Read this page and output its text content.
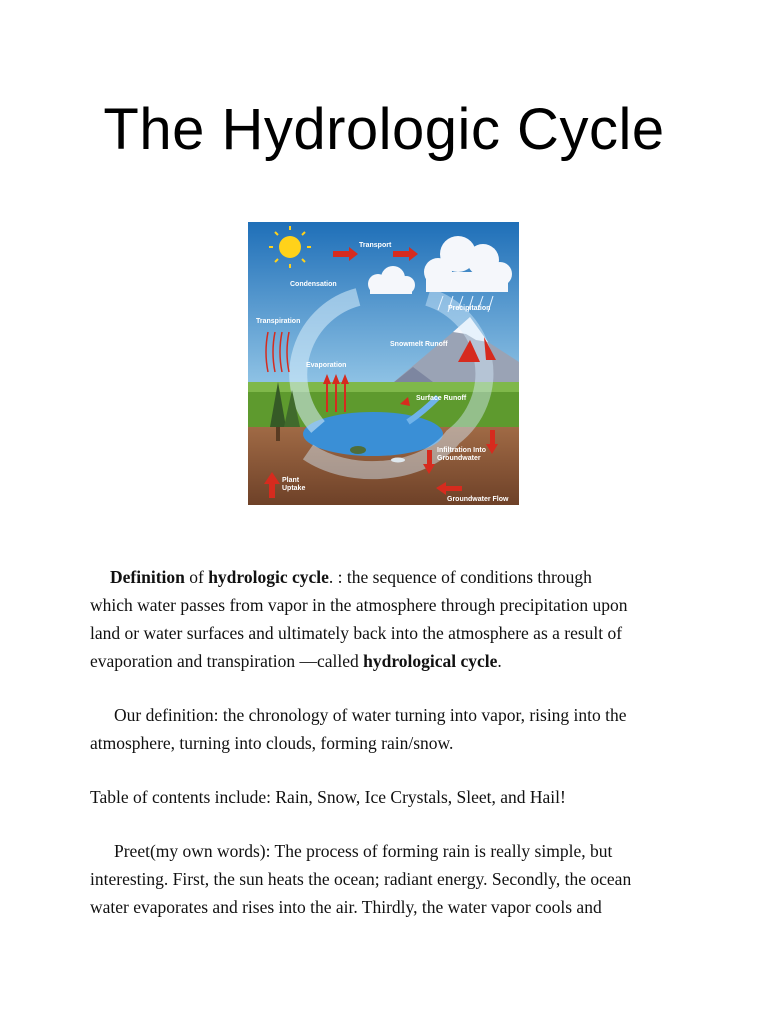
The Hydrologic Cycle
Transport
Condensation
Precipitation
Transpiration
Snowmelt Runoff
Evaporation
Surface Runoff
Infiltration Into
Groundwater
Plant
Uptake
Groundwater Flow

Definition of hydrologic cycle. : the sequence of conditions through
which water passes from vapor in the atmosphere through precipitation upon
land or water surfaces and ultimately back into the atmosphere as a result of
evaporation and transpiration —called hydrological cycle.

Our definition: the chronology of water turning into vapor, rising into the
atmosphere, turning into clouds, forming rain/snow.

Table of contents include: Rain, Snow, Ice Crystals, Sleet, and Hail!

Preet(my own words): The process of forming rain is really simple, but
interesting. First, the sun heats the ocean; radiant energy. Secondly, the ocean
water evaporates and rises into the air. Thirdly, the water vapor cools and
